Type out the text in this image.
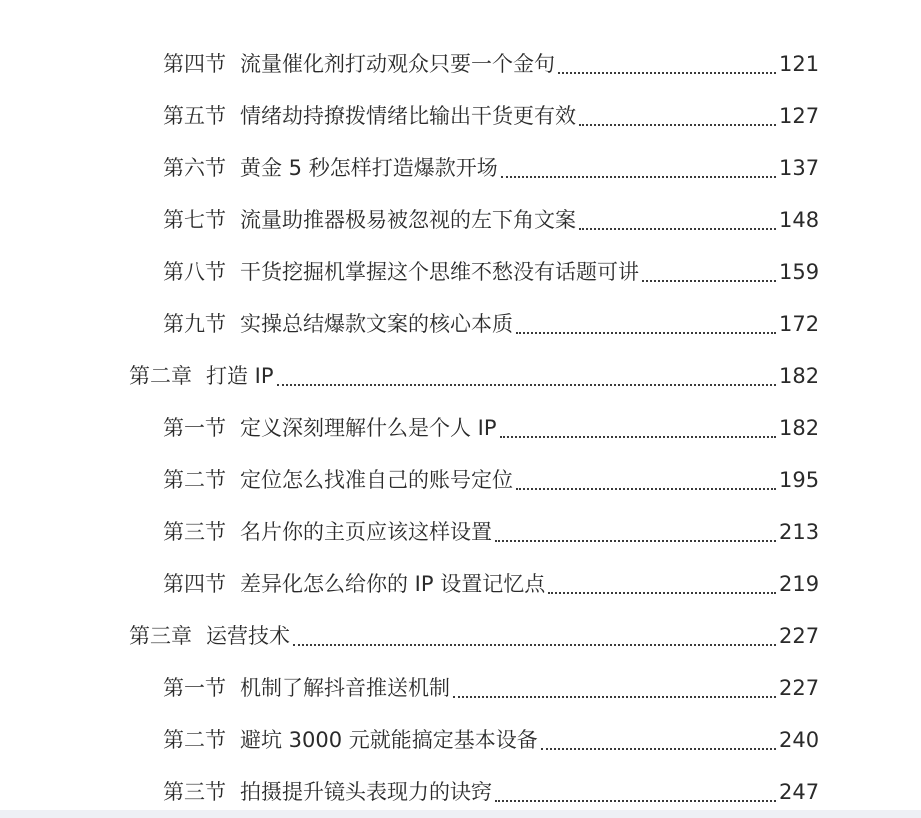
第四节 流量催化剂打动观众只要一个金句	121
第五节 情绪劫持撩拨情绪比输出干货更有效	127
第六节 黄金 5 秒怎样打造爆款开场	137
第七节 流量助推器极易被忽视的左下角文案	148
第八节 干货挖掘机掌握这个思维不愁没有话题可讲	159
第九节 实操总结爆款文案的核心本质	172
第二章 打造 IP	182
第一节 定义深刻理解什么是个人 IP	182
第二节 定位怎么找准自己的账号定位	195
第三节 名片你的主页应该这样设置	213
第四节 差异化怎么给你的 IP 设置记忆点	219
第三章 运营技术	227
第一节 机制了解抖音推送机制	227
第二节 避坑 3000 元就能搞定基本设备	240
第三节 拍摄提升镜头表现力的诀窍	247
